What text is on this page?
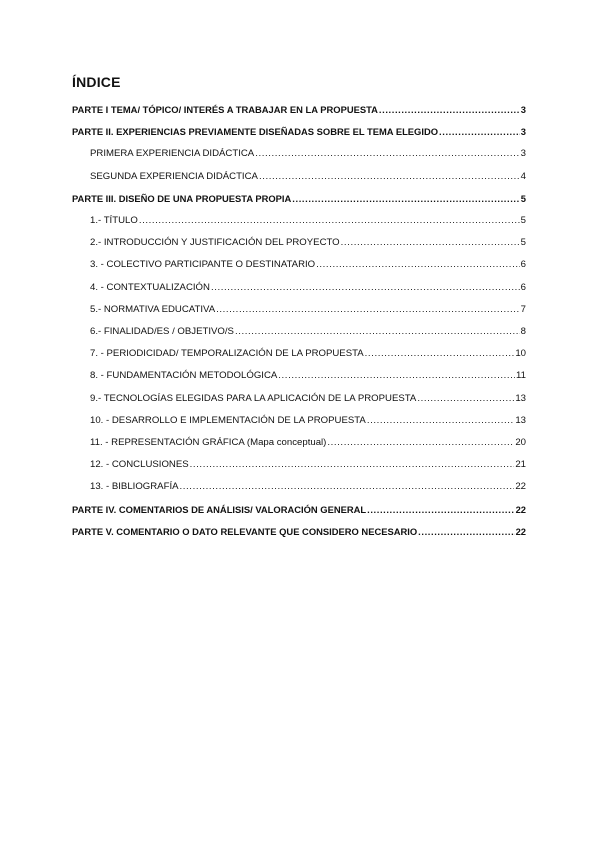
ÍNDICE
PARTE I TEMA/ TÓPICO/ INTERÉS A TRABAJAR EN LA PROPUESTA .....	3
PARTE II. EXPERIENCIAS PREVIAMENTE DISEÑADAS SOBRE EL TEMA ELEGIDO .....	3
PRIMERA EXPERIENCIA DIDÁCTICA .....	3
SEGUNDA EXPERIENCIA DIDÁCTICA .....	4
PARTE III. DISEÑO DE UNA PROPUESTA PROPIA .....	5
1.- TÍTULO .....	5
2.- INTRODUCCIÓN Y JUSTIFICACIÓN DEL PROYECTO .....	5
3. - COLECTIVO PARTICIPANTE O DESTINATARIO .....	6
4. - CONTEXTUALIZACIÓN .....	6
5.- NORMATIVA EDUCATIVA .....	7
6.- FINALIDAD/ES / OBJETIVO/S .....	8
7. - PERIODICIDAD/ TEMPORALIZACIÓN DE LA PROPUESTA .....	10
8. - FUNDAMENTACIÓN METODOLÓGICA .....	11
9.- TECNOLOGÍAS ELEGIDAS PARA LA APLICACIÓN DE LA PROPUESTA .....	13
10. - DESARROLLO E IMPLEMENTACIÓN DE LA PROPUESTA .....	13
11. - REPRESENTACIÓN GRÁFICA (Mapa conceptual) .....	20
12. - CONCLUSIONES .....	21
13. - BIBLIOGRAFÍA .....	22
PARTE IV. COMENTARIOS DE ANÁLISIS/ VALORACIÓN GENERAL .....	22
PARTE V. COMENTARIO O DATO RELEVANTE QUE CONSIDERO NECESARIO .....	22
